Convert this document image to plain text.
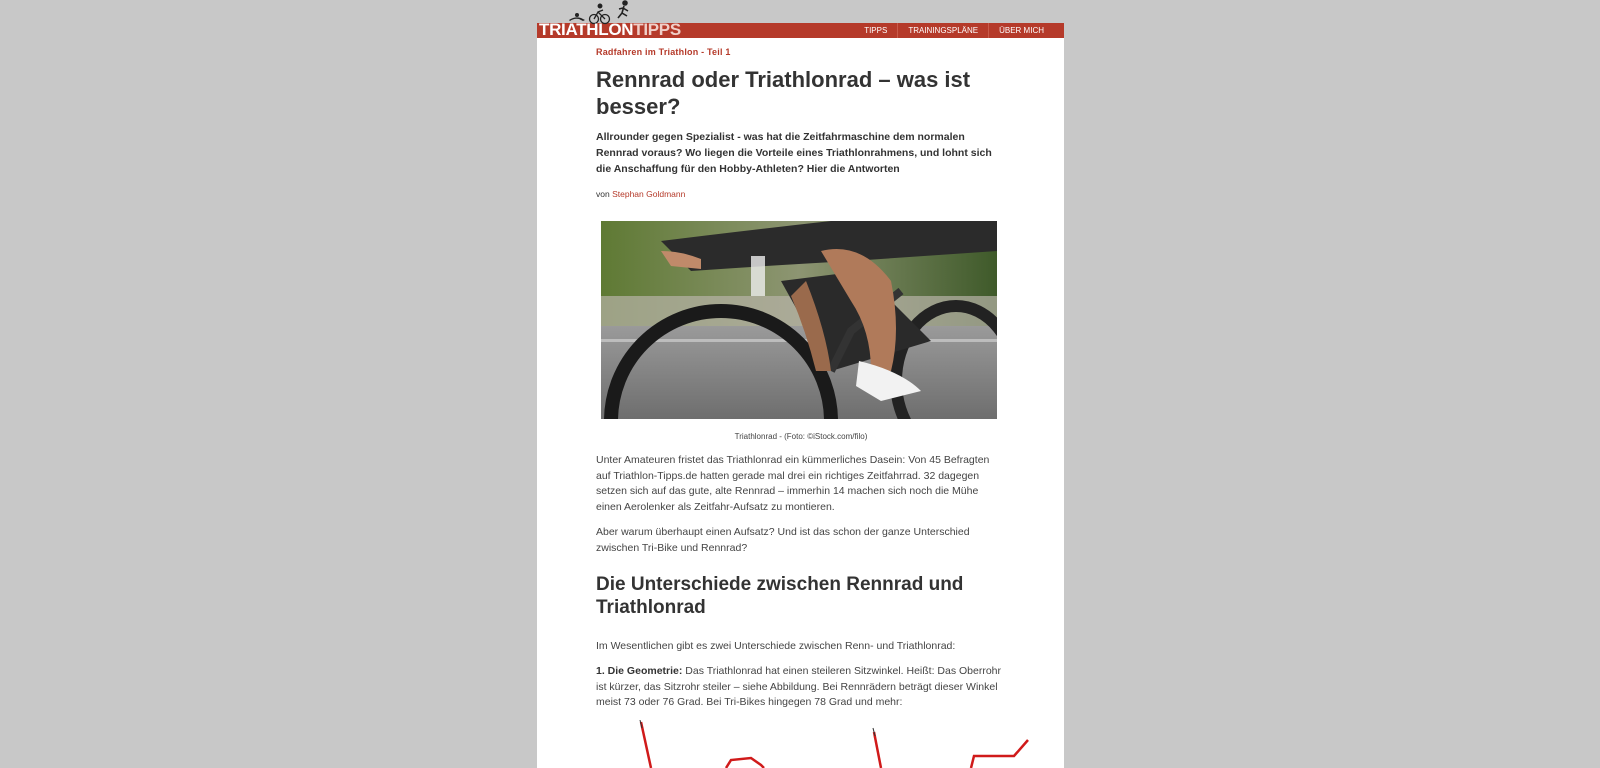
TRIATHLONTIPPS	TIPPS	TRAININGSPLÄNE	ÜBER MICH
Radfahren im Triathlon - Teil 1
Rennrad oder Triathlonrad – was ist besser?

Allrounder gegen Spezialist - was hat die Zeitfahrmaschine dem normalen Rennrad voraus? Wo liegen die Vorteile eines Triathlonrahmens, und lohnt sich die Anschaffung für den Hobby-Athleten? Hier die Antworten

von Stephan Goldmann
Triathlonrad - (Foto: ©iStock.com/filo)

Unter Amateuren fristet das Triathlonrad ein kümmerliches Dasein: Von 45 Befragten auf Triathlon-Tipps.de hatten gerade mal drei ein richtiges Zeitfahrrad. 32 dagegen setzen sich auf das gute, alte Rennrad – immerhin 14 machen sich noch die Mühe einen Aerolenker als Zeitfahr-Aufsatz zu montieren.

Aber warum überhaupt einen Aufsatz? Und ist das schon der ganze Unterschied zwischen Tri-Bike und Rennrad?

Die Unterschiede zwischen Rennrad und Triathlonrad

Im Wesentlichen gibt es zwei Unterschiede zwischen Renn- und Triathlonrad:

1. Die Geometrie: Das Triathlonrad hat einen steileren Sitzwinkel. Heißt: Das Oberrohr ist kürzer, das Sitzrohr steiler – siehe Abbildung. Bei Rennrädern beträgt dieser Winkel meist 73 oder 76 Grad. Bei Tri-Bikes hingegen 78 Grad und mehr:
